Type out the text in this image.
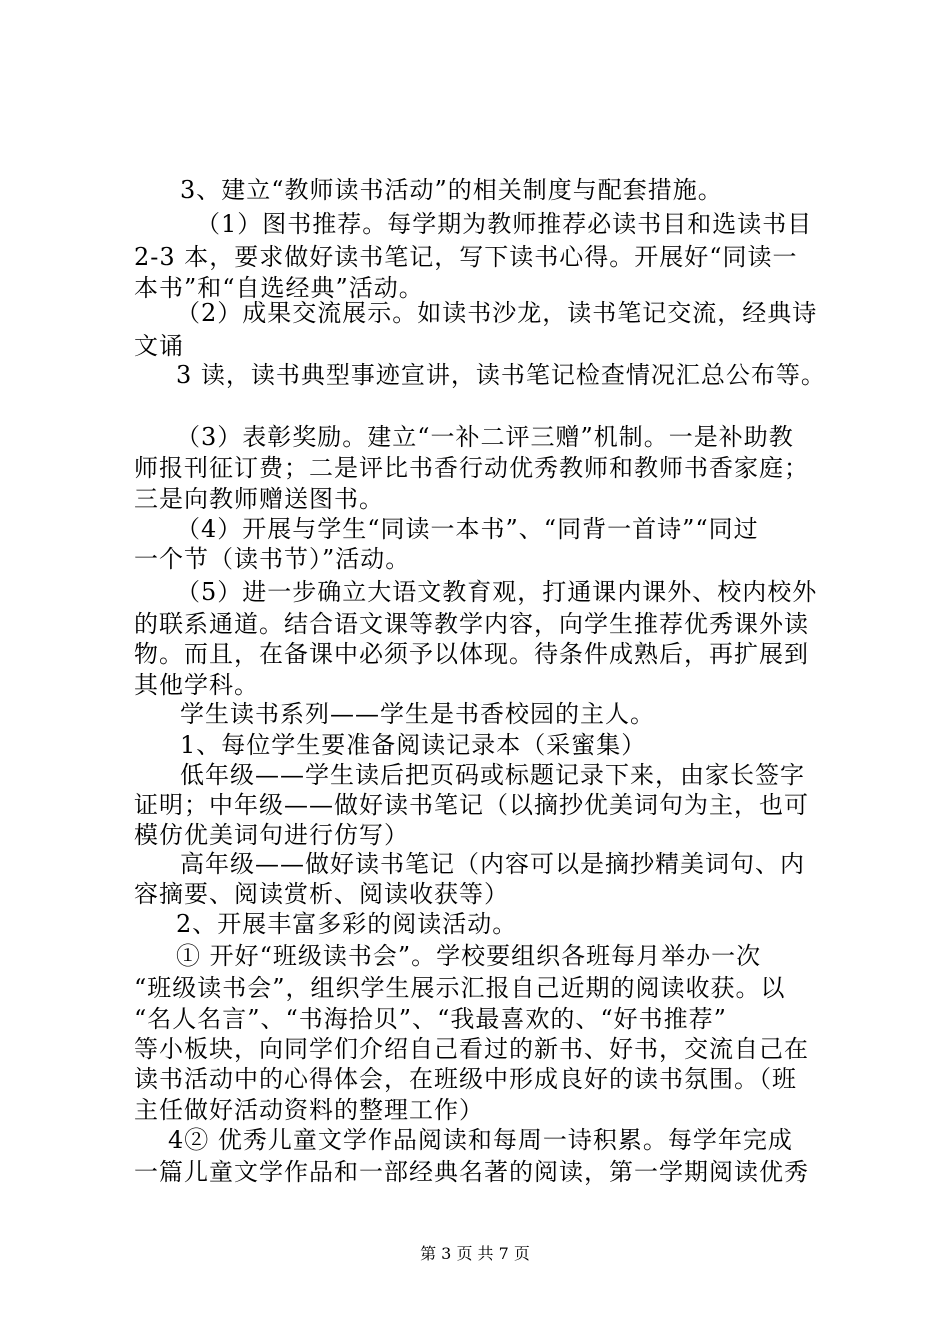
3、建立“教师读书活动”的相关制度与配套措施。
（1）图书推荐。每学期为教师推荐必读书目和选读书目
2-3 本，要求做好读书笔记，写下读书心得。开展好“同读一
本书”和“自选经典”活动。
（2）成果交流展示。如读书沙龙，读书笔记交流，经典诗
文诵
3 读，读书典型事迹宣讲，读书笔记检查情况汇总公布等。
（3）表彰奖励。建立“一补二评三赠”机制。一是补助教
师报刊征订费；二是评比书香行动优秀教师和教师书香家庭；
三是向教师赠送图书。
（4）开展与学生“同读一本书”、“同背一首诗”“同过
一个节（读书节）”活动。
（5）进一步确立大语文教育观，打通课内课外、校内校外
的联系通道。结合语文课等教学内容，向学生推荐优秀课外读
物。而且，在备课中必须予以体现。待条件成熟后，再扩展到
其他学科。
学生读书系列——学生是书香校园的主人。
1、每位学生要准备阅读记录本（采蜜集）
低年级——学生读后把页码或标题记录下来，由家长签字
证明；中年级——做好读书笔记（以摘抄优美词句为主，也可
模仿优美词句进行仿写）
高年级——做好读书笔记（内容可以是摘抄精美词句、内
容摘要、阅读赏析、阅读收获等）
2、开展丰富多彩的阅读活动。
① 开好“班级读书会”。学校要组织各班每月举办一次
“班级读书会”，组织学生展示汇报自己近期的阅读收获。以
“名人名言”、“书海拾贝”、“我最喜欢的、“好书推荐”
等小板块，向同学们介绍自己看过的新书、好书，交流自己在
读书活动中的心得体会，在班级中形成良好的读书氛围。（班
主任做好活动资料的整理工作）
4② 优秀儿童文学作品阅读和每周一诗积累。每学年完成
一篇儿童文学作品和一部经典名著的阅读，第一学期阅读优秀
第 3 页 共 7 页
